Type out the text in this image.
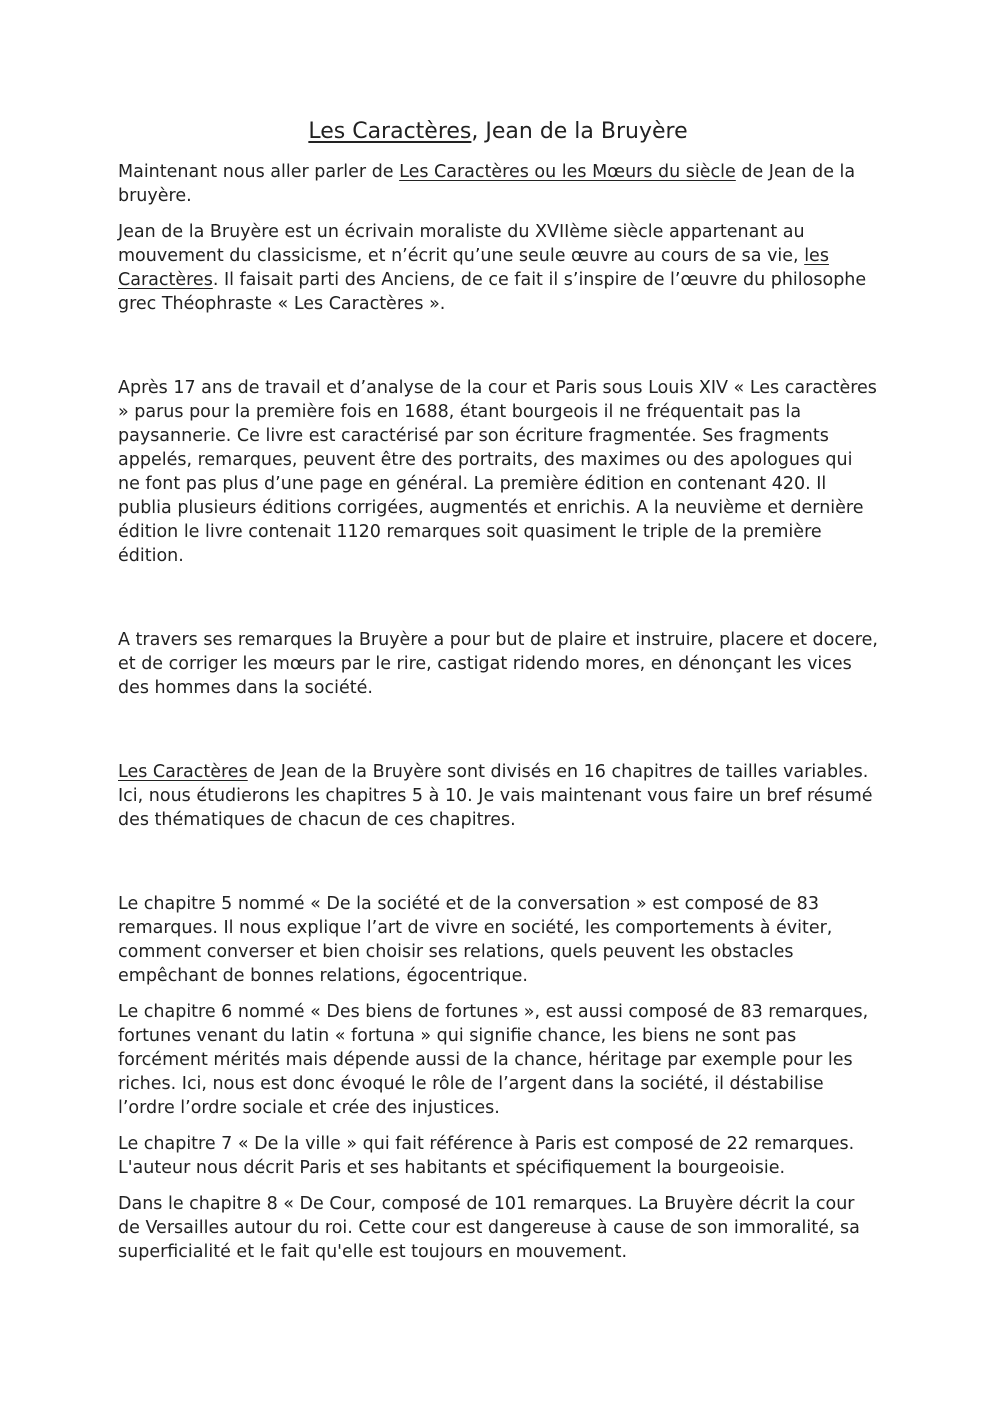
Les Caractères, Jean de la Bruyère

Maintenant nous aller parler de Les Caractères ou les Mœurs du siècle de Jean de la bruyère.

Jean de la Bruyère est un écrivain moraliste du XVIIème siècle appartenant au mouvement du classicisme, et n’écrit qu’une seule œuvre au cours de sa vie, les Caractères. Il faisait parti des Anciens, de ce fait il s’inspire de l’œuvre du philosophe grec Théophraste « Les Caractères ».

Après 17 ans de travail et d’analyse de la cour et Paris sous Louis XIV « Les caractères » parus pour la première fois en 1688, étant bourgeois il ne fréquentait pas la paysannerie. Ce livre est caractérisé par son écriture fragmentée. Ses fragments appelés, remarques, peuvent être des portraits, des maximes ou des apologues qui ne font pas plus d’une page en général. La première édition en contenant 420. Il publia plusieurs éditions corrigées, augmentés et enrichis. A la neuvième et dernière édition le livre contenait 1120 remarques soit quasiment le triple de la première édition.

A travers ses remarques la Bruyère a pour but de plaire et instruire, placere et docere, et de corriger les mœurs par le rire, castigat ridendo mores, en dénonçant les vices des hommes dans la société.

Les Caractères de Jean de la Bruyère sont divisés en 16 chapitres de tailles variables. Ici, nous étudierons les chapitres 5 à 10. Je vais maintenant vous faire un bref résumé des thématiques de chacun de ces chapitres.

Le chapitre 5 nommé « De la société et de la conversation » est composé de 83 remarques. Il nous explique l’art de vivre en société, les comportements à éviter, comment converser et bien choisir ses relations, quels peuvent les obstacles empêchant de bonnes relations, égocentrique.

Le chapitre 6 nommé « Des biens de fortunes », est aussi composé de 83 remarques, fortunes venant du latin « fortuna » qui signifie chance, les biens ne sont pas forcément mérités mais dépende aussi de la chance, héritage par exemple pour les riches. Ici, nous est donc évoqué le rôle de l’argent dans la société, il déstabilise l’ordre l’ordre sociale et crée des injustices.

Le chapitre 7 « De la ville » qui fait référence à Paris est composé de 22 remarques. L'auteur nous décrit Paris et ses habitants et spécifiquement la bourgeoisie.

Dans le chapitre 8 « De Cour, composé de 101 remarques. La Bruyère décrit la cour de Versailles autour du roi. Cette cour est dangereuse à cause de son immoralité, sa superficialité et le fait qu'elle est toujours en mouvement.
